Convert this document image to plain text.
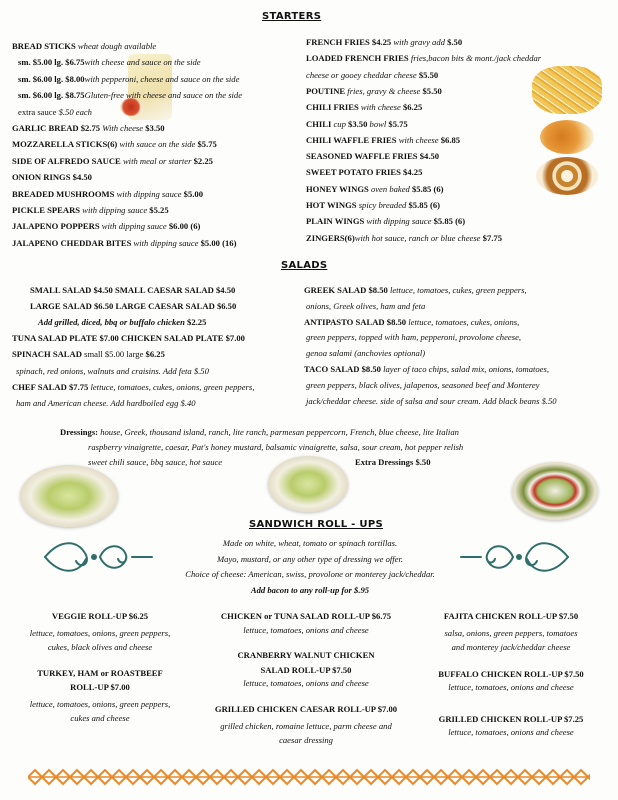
STARTERS
BREAD STICKS wheat dough available
sm. $5.00 lg. $6.75with cheese and sauce on the side
sm. $6.00 lg. $8.00with pepperoni, cheese and sauce on the side
sm. $6.00 lg. $8.75Gluten-free with cheese and sauce on the side
extra sauce $.50 each
GARLIC BREAD $2.75 With cheese $3.50
MOZZARELLA STICKS(6) with sauce on the side $5.75
SIDE OF ALFREDO SAUCE with meal or starter $2.25
ONION RINGS $4.50
BREADED MUSHROOMS with dipping sauce $5.00
PICKLE SPEARS with dipping sauce $5.25
JALAPENO POPPERS with dipping sauce $6.00 (6)
JALAPENO CHEDDAR BITES with dipping sauce $5.00 (16)
FRENCH FRIES $4.25 with gravy add $.50
LOADED FRENCH FRIES fries,bacon bits & mont./jack cheddar
cheese or gooey cheddar cheese $5.50
POUTINE fries, gravy & cheese $5.50
CHILI FRIES with cheese $6.25
CHILI cup $3.50 bowl $5.75
CHILI WAFFLE FRIES with cheese $6.85
SEASONED WAFFLE FRIES $4.50
SWEET POTATO FRIES $4.25
HONEY WINGS oven baked $5.85 (6)
HOT WINGS spicy breaded $5.85 (6)
PLAIN WINGS with dipping sauce $5.85 (6)
ZINGERS(6)with hot sauce, ranch or blue cheese $7.75
SALADS
SMALL SALAD $4.50 SMALL CAESAR SALAD $4.50
LARGE SALAD $6.50 LARGE CAESAR SALAD $6.50
Add grilled, diced, bbq or buffalo chicken $2.25
TUNA SALAD PLATE $7.00 CHICKEN SALAD PLATE $7.00
SPINACH SALAD small $5.00 large $6.25
spinach, red onions, walnuts and craisins. Add feta $.50
CHEF SALAD $7.75 lettuce, tomatoes, cukes, onions, green peppers,
ham and American cheese. Add hardboiled egg $.40
GREEK SALAD $8.50 lettuce, tomatoes, cukes, green peppers,
onions, Greek olives, ham and feta
ANTIPASTO SALAD $8.50 lettuce, tomatoes, cukes, onions,
green peppers, topped with ham, pepperoni, provolone cheese,
genoa salami (anchovies optional)
TACO SALAD $8.50 layer of taco chips, salad mix, onions, tomatoes,
green peppers, black olives, jalapenos, seasoned beef and Monterey
jack/cheddar cheese. side of salsa and sour cream. Add black beans $.50
Dressings: house, Greek, thousand island, ranch, lite ranch, parmesan peppercorn, French, blue cheese, lite Italian
raspberry vinaigrette, caesar, Pat's honey mustard, balsamic vinaigrette, salsa, sour cream, hot pepper relish
sweet chili sauce, bbq sauce, hot sauce	Extra Dressings $.50
SANDWICH ROLL - UPS
Made on white, wheat, tomato or spinach tortillas.
Mayo, mustard, or any other type of dressing we offer.
Choice of cheese: American, swiss, provolone or monterey jack/cheddar.
Add bacon to any roll-up for $.95
VEGGIE ROLL-UP $6.25
lettuce, tomatoes, onions, green peppers,
cukes, black olives and cheese
TURKEY, HAM or ROASTBEEF
ROLL-UP $7.00
lettuce, tomatoes, onions, green peppers,
cukes and cheese
CHICKEN or TUNA SALAD ROLL-UP $6.75
lettuce, tomatoes, onions and cheese
CRANBERRY WALNUT CHICKEN
SALAD ROLL-UP $7.50
lettuce, tomatoes, onions and cheese
GRILLED CHICKEN CAESAR ROLL-UP $7.00
grilled chicken, romaine lettuce, parm cheese and
caesar dressing
FAJITA CHICKEN ROLL-UP $7.50
salsa, onions, green peppers, tomatoes
and monterey jack/cheddar cheese
BUFFALO CHICKEN ROLL-UP $7.50
lettuce, tomatoes, onions and cheese
GRILLED CHICKEN ROLL-UP $7.25
lettuce, tomatoes, onions and cheese
